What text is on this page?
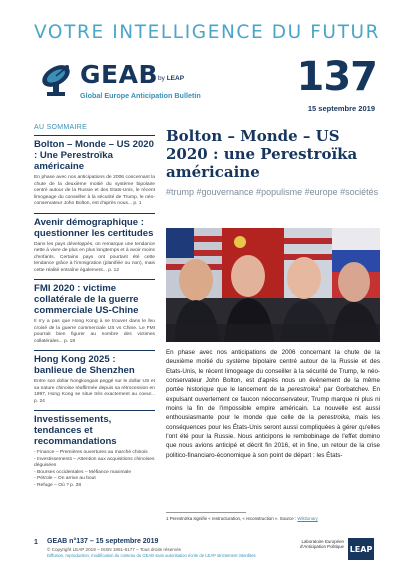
VOTRE INTELLIGENCE DU FUTUR
GEAB by LEAP
Global Europe Anticipation Bulletin 137
15 septembre 2019
AU SOMMAIRE
Bolton – Monde – US 2020 : Une Perestroïka américaine
En phase avec nos anticipations de 2006 concernant la chute de la deuxième moitié du système bipolaire centré autour de la Russie et des Etats-Unis, le récent limogeage du conseiller à la sécurité de Trump, le néo-conservateur John Bolton, est d'après nous... p. 1
Avenir démographique : questionner les certitudes
Dans les pays développés, on remarque une tendance nette à vivre de plus en plus longtemps et à avoir moins d'enfants. Certains pays ont pourtant été cette tendance grâce à l'immigration (planifiée ou non), mais cette réalité entraîne également... p. 12
FMI 2020 : victime collatérale de la guerre commerciale US-Chine
Il n'y a pas que Hong Kong à se trouver dans le feu croisé de la guerre commerciale US vs Chine. Le FMI pourrait bien figurer au nombre des victimes collatérales... p. 18
Hong Kong 2025 : banlieue de Shenzhen
Entre son dollar hongkongais peggé sur le dollar US et sa nature chinoise réaffirmée depuis sa rétrocession en 1997, Hong Kong se situe très exactement au coeur... p. 24
Investissements, tendances et recommandations
- Finance – Premières ouvertures au marché chinois
- Investissements – Attention aux acquisitions chinoises déguisées
- Bourses occidentales – Méfiance maximale
- Pétrole – On arrive au bout
- Refuge – Où ? p. 28
Bolton – Monde – US 2020 : une Perestroïka américaine
#trump #gouvernance #populisme #europe #sociétés
En phase avec nos anticipations de 2006 concernant la chute de la deuxième moitié du système bipolaire centré autour de la Russie et des Etats-Unis, le récent limogeage du conseiller à la sécurité de Trump, le néo-conservateur John Bolton, est d'après nous un événement de la même portée historique que le lancement de la perestroika$^1$ par Gorbatchev. En expulsant ouvertement ce faucon néoconservateur, Trump marque ni plus ni moins la fin de l'impossible empire américain. La nouvelle est aussi enthousiasmante pour le monde que celle de la perestroika, mais les conséquences pour les États-Unis seront aussi compliquées à gérer qu'elles l'ont été pour la Russie. Nous anticipons le rembobinage de l'effet domino que nous avions anticipé et décrit fin 2016, et in fine, un retour de la crise politico-financiaro-économique à son point de départ : les États-
1 Perestroïka signifie « restructuration, « reconstruction ». Source : Wiktionary
1 GEAB n°137 – 15 septembre 2019
© Copyright LEAP 2019 – ISSN 1951-6177 – Tous droits réservés
Diffusion, reproduction, modification du contenu du GEAB sans autorisation écrite de LEAP strictement interdites
Laboratoire Européen d'Anticipation Politique LEAP
